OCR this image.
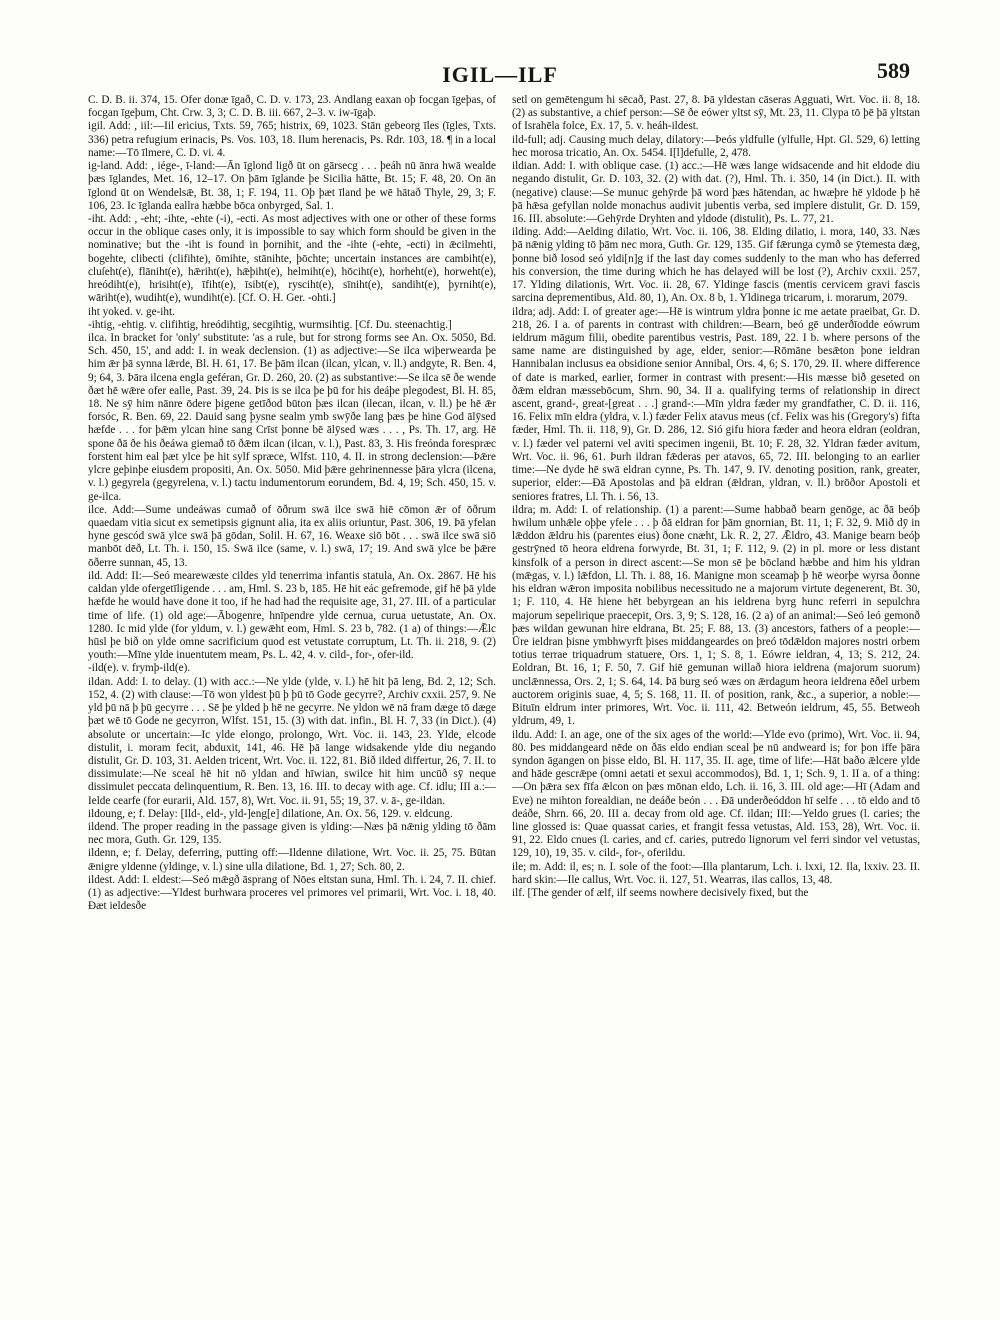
IGIL—ILF	589

C. D. B. ii. 374, 15. Ofer donæ īgað, C. D. v. 173, 23. Andlang eaxan oþ focgan īgeþas, of focgan īgeþum, Cht. Crw. 3, 3; C. D. B. iii. 667, 2–3. v. iw-īgaþ.

igil. Add: , iil:—Iil ericius, Txts. 59, 765; histrix, 69, 1023. Stān gebeorg īles (īgles, Txts. 336) petra refugium erinacis, Ps. Vos. 103, 18. Ilum herenacis, Ps. Rdr. 103, 18. ¶ in a local name:—Tō īlmere, C. D. vi. 4.

ig-land. Add: , iége-, ī-land:—Ān īglond ligð ūt on gārsecg . . . þeáh nū ānra hwā wealde þæs īglandes, Met. 16, 12–17. On þām īglande þe Sicilia hātte, Bt. 15; F. 48, 20. On ān īglond ūt on Wendelsǣ, Bt. 38, 1; F. 194, 11. Oþ þæt īland þe wē hātað Thyle, 29, 3; F. 106, 23. Ic īglanda eallra hæbbe bōca onbyrged, Sal. 1.

-iht. Add: , -eht; -ihte, -ehte (-i), -ecti. As most adjectives with one or other of these forms occur in the oblique cases only, it is impossible to say which form should be given in the nominative; but the -iht is found in þornihit, and the -ihte (-ehte, -ecti) in ǣcilmehti, bogehte, clibecti (clifihte), ōmihte, stānihte, þōchte; uncertain instances are cambiht(e), cluſeht(e), flāniht(e), hǣriht(e), hǣþiht(e), helmiht(e), hōciht(e), horheht(e), horweht(e), hreódiht(e), hrisiht(e), īfiht(e), īsibt(e), rysciht(e), sīniht(e), sandiht(e), þyrniht(e), wāriht(e), wudiht(e), wundiht(e). [Cf. O. H. Ger. -ohti.]

iht yoked. v. ge-iht.

-ihtig, -ehtig. v. clifihtig, hreódihtig, secgihtig, wurmsihtig. [Cf. Du. steenachtig.]

ilca. In bracket for 'only' substitute: 'as a rule, but for strong forms see An. Ox. 5050, Bd. Sch. 450, 15', and add: I. in weak declension. (1) as adjective:—Se ilca wiþerwearda þe him ǣr þā synna lǣrde, Bl. H. 61, 17. Be þām ilcan (ilcan, ylcan, v. ll.) andgyte, R. Ben. 4, 9; 64, 3. Þāra ilcena engla geféran, Gr. D. 260, 20. (2) as substantive:—Se ilca sē ðe wende ðæt hē wǣre ofer ealle, Past. 39, 24. Þis is se ilca þe þū for his deáþe plegodest, Bl. H. 85, 18. Ne sȳ him nānre ōdere þigene getīðod būton þæs ilcan (ilecan, ilcan, v. ll.) þe hē ǣr forsóc, R. Ben. 69, 22. Dauid sang þysne sealm ymb swȳðe lang þæs þe hine God ālȳsed hæfde . . . for þǣm ylcan hine sang Crīst þonne bē ālȳsed wæs . . . , Ps. Th. 17, arg. Hē spone ðā ðe his ðeáwa giemað tō ðǣm ilcan (ilcan, v. l.), Past. 83, 3. His freónda forespræc forstent him eal þæt ylce þe hit sylf spræce, Wlfst. 110, 4. II. in strong declension:—Þǣre ylcre geþinþe eiusdem propositi, An. Ox. 5050. Mid þǣre gehrinennesse þāra ylcra (ilcena, v. l.) gegyrela (gegyrelena, v. l.) tactu indumentorum eorundem, Bd. 4, 19; Sch. 450, 15. v. ge-ilca.

ilce. Add:—Sume undeáwas cumað of ōðrum swā ilce swā hiē cōmon ǣr of ōðrum quaedam vitia sicut ex semetipsis gignunt alia, ita ex aliis oriuntur, Past. 306, 19. Þā yfelan hyne gescód swā ylce swā þā gōdan, Solil. H. 67, 16. Weaxe siō bōt . . . swā ilce swā siō manbōt dēð, Lt. Th. i. 150, 15. Swā ilce (same, v. l.) swā, 17; 19. And swā ylce be þǣre ōðerre sunnan, 45, 13.

ild. Add: II:—Seó mearewæste cildes yld tenerrima infantis statula, An. Ox. 2867. Hē his caldan ylde ofergetīligende . . . am, Hml. S. 23 b, 185. Hē hit eác gefremode, gif hē þā ylde hæfde he would have done it too, if he had had the requisite age, 31, 27. III. of a particular time of life. (1) old age:—Ābogenre, hnīpendre ylde cernua, curua uetustate, An. Ox. 1280. Ic mid ylde (for yldum, v. l.) gewǣht eom, Hml. S. 23 b, 782. (1 a) of things:—Ǣlc hūsl þe bið on ylde omne sacrificium quod est vetustate corruptum, Lt. Th. ii. 218, 9. (2) youth:—Mīne ylde inuentutem meam, Ps. L. 42, 4. v. cild-, for-, ofer-ild.

-ild(e). v. frymþ-ild(e).

ildan. Add: I. to delay. (1) with acc.:—Ne ylde (ylde, v. l.) hē hit þā leng, Bd. 2, 12; Sch. 152, 4. (2) with clause:—Tō won yldest þū þ þū tō Gode gecyrre?, Archiv cxxii. 257, 9. Ne yld þū nā þ þū gecyrre . . . Sē þe ylded þ hē ne gecyrre. Ne yldon wē nā fram dæge tō dæge þæt wē tō Gode ne gecyrron, Wlfst. 151, 15. (3) with dat. infin., Bl. H. 7, 33 (in Dict.). (4) absolute or uncertain:—Ic ylde elongo, prolongo, Wrt. Voc. ii. 143, 23. Ylde, elcode distulit, i. moram fecit, abduxit, 141, 46. Hē þā lange widsakende ylde diu negando distulit, Gr. D. 103, 31. Aelden tricent, Wrt. Voc. ii. 122, 81. Bið ilded differtur, 26, 7. II. to dissimulate:—Ne sceal hē hit nō yldan and hīwian, swilce hit him uncūð sȳ neque dissimulet peccata delinquentium, R. Ben. 13, 16. III. to decay with age. Cf. idlu; III a.:—Ielde cearfe (for eurarii, Ald. 157, 8), Wrt. Voc. ii. 91, 55; 19, 37. v. ā-, ge-ildan.

ildoung, e; f. Delay: [Ild-, eld-, yld-]eng[e] dilatione, An. Ox. 56, 129. v. eldcung.

ildend. The proper reading in the passage given is ylding:—Næs þā nǣnig ylding tō ðām nec mora, Guth. Gr. 129, 135.

ildenn, e; f. Delay, deferring, putting off:—Ildenne dilatione, Wrt. Voc. ii. 25, 75. Būtan ǣnigre yldenne (yldinge, v. l.) sine ulla dilatione, Bd. 1, 27; Sch. 80, 2.

ildest. Add: I. eldest:—Seó mǣgð āsprang of Nōes eltstan suna, Hml. Th. i. 24, 7. II. chief. (1) as adjective:—Yldest burhwara proceres vel primores vel primarii, Wrt. Voc. i. 18, 40. Ðæt ieldesðe

setl on gemētengum hi sēcað, Past. 27, 8. Þā yldestan cāseras Agguati, Wrt. Voc. ii. 8, 18. (2) as substantive, a chief person:—Sē ðe eówer yltst sȳ, Mt. 23, 11. Clypa tō þē þā yltstan of Israhēla folce, Ex. 17, 5. v. heáh-ildest.

ild-full; adj. Causing much delay, dilatory:—Þeós yldfulle (ylfulle, Hpt. Gl. 529, 6) letting hec morosa tricatio, An. Ox. 5454. I[l]defulle, 2, 478.

ildian. Add: I. with oblique case. (1) acc.:—Hē wæs lange widsacende and hit eldode diu negando distulit, Gr. D. 103, 32. (2) with dat. (?), Hml. Th. i. 350, 14 (in Dict.). II. with (negative) clause:—Se munuc gehȳrde þā word þæs hātendan, ac hwæþre hē yldode þ hē þā hǣsa gefyllan nolde monachus audivit jubentis verba, sed implere distulit, Gr. D. 159, 16. III. absolute:—Gehȳrde Dryhten and yldode (distulit), Ps. L. 77, 21.

ilding. Add:—Aelding dilatio, Wrt. Voc. ii. 106, 38. Elding dilatio, i. mora, 140, 33. Næs þā nǣnig ylding tō þām nec mora, Guth. Gr. 129, 135. Gif fǣrunga cymð se ȳtemesta dæg, þonne bið losod seó yldi[n]g if the last day comes suddenly to the man who has deferred his conversion, the time during which he has delayed will be lost (?), Archiv cxxii. 257, 17. Ylding dilationis, Wrt. Voc. ii. 28, 67. Yldinge fascis (mentis cervicem gravi fascis sarcina deprementibus, Ald. 80, 1), An. Ox. 8 b, 1. Yldinega tricarum, i. morarum, 2079.

ildra; adj. Add: I. of greater age:—Hē is wintrum yldra þonne ic me aetate praeibat, Gr. D. 218, 26. I a. of parents in contrast with children:—Bearn, beó gē underðīodde eówrum ieldrum māgum filii, obedite parentibus vestris, Past. 189, 22. I b. where persons of the same name are distinguished by age, elder, senior:—Rōmāne besǣton þone ieldran Hannibalan inclusus ea obsidione senior Annibal, Ors. 4, 6; S. 170, 29. II. where difference of date is marked, earlier, former in contrast with present:—His mæsse bið geseted on ðǣm eldran mæssebōcum, Shrn. 90, 34. II a. qualifying terms of relationship in direct ascent, grand-, great-[great . . .] grand-:—Mīn yldra fæder my grandfather, C. D. ii. 116, 16. Felix mīn eldra (yldra, v. l.) fæder Felix atavus meus (cf. Felix was his (Gregory's) fifta fæder, Hml. Th. ii. 118, 9), Gr. D. 286, 12. Sió gifu hiora fæder and heora eldran (eoldran, v. l.) fæder vel paterni vel aviti specimen ingenii, Bt. 10; F. 28, 32. Yldran fæder avitum, Wrt. Voc. ii. 96, 61. Þurh ildran fǣderas per atavos, 65, 72. III. belonging to an earlier time:—Ne dyde hē swā eldran cynne, Ps. Th. 147, 9. IV. denoting position, rank, greater, superior, elder:—Ðā Apostolas and þā eldran (ǣldran, yldran, v. ll.) brōðor Apostoli et seniores fratres, Ll. Th. i. 56, 13.

ildra; m. Add: I. of relationship. (1) a parent:—Sume habbað bearn genōge, ac ðā beóþ hwilum unhǣle oþþe yfele . . . þ ðā eldran for þām gnornian, Bt. 11, 1; F. 32, 9. Mið dȳ in lǣddon ǣldru his (parentes eius) ðone cnæht, Lk. R. 2, 27. Ǣldro, 43. Manige bearn beóþ gestrȳned tō heora eldrena forwyrde, Bt. 31, 1; F. 112, 9. (2) in pl. more or less distant kinsfolk of a person in direct ascent:—Se mon sē þe bōcland hæbbe and him his yldran (mǣgas, v. l.) lǣfdon, Ll. Th. i. 88, 16. Manigne mon sceamaþ þ hē weorþe wyrsa ðonne his eldran wǣron imposita nobilibus necessitudo ne a majorum virtute degenerent, Bt. 30, 1; F. 110, 4. Hē hiene hēt bebyrgean an his ieldrena byrg hunc referri in sepulchra majorum sepelirique praecepit, Ors. 3, 9; S. 128, 16. (2 a) of an animal:—Seó leó gemonð þæs wildan gewunan hire eldrana, Bt. 25; F. 88, 13. (3) ancestors, fathers of a people:—Ūre ieldran þisne ymbhwyrft þises middangeardes on þreó tōdǣldon majores nostri orbem totius terrae triquadrum statuere, Ors. 1, 1; S. 8, 1. Eówre ieldran, 4, 13; S. 212, 24. Eoldran, Bt. 16, 1; F. 50, 7. Gif hiē gemunan willað hiora ieldrena (majorum suorum) unclǣnnessa, Ors. 2, 1; S. 64, 14. Þā burg seó wæs on ǣrdagum heora ieldrena ēðel urbem auctorem originis suae, 4, 5; S. 168, 11. II. of position, rank, &c., a superior, a noble:—Bituīn eldrum inter primores, Wrt. Voc. ii. 111, 42. Betweón ieldrum, 45, 55. Betweoh yldrum, 49, 1.

ildu. Add: I. an age, one of the six ages of the world:—Ylde evo (primo), Wrt. Voc. ii. 94, 80. Þes middangeard nēde on ðās eldo endian sceal þe nū andweard is; for þon iffe þāra syndon āgangen on þisse eldo, Bl. H. 117, 35. II. age, time of life:—Hāt baðo ǣlcere ylde and hāde gescrǣpe (omni aetati et sexui accommodos), Bd. 1, 1; Sch. 9, 1. II a. of a thing:—On þǣra sex fīfa ǣlcon on þæs mōnan eldo, Lch. ii. 16, 3. III. old age:—Hī (Adam and Eve) ne mihton forealdian, ne deáðe beón . . . Ðā underðeóddon hī selfe . . . tō eldo and tō deáðe, Shrn. 66, 20. III a. decay from old age. Cf. ildan; III:—Yeldo grues (l. caries; the line glossed is: Quae quassat caries, et frangit fessa vetustas, Ald. 153, 28), Wrt. Voc. ii. 91, 22. Eldo cnues (l. caries, and cf. caries, putredo lignorum vel ferri sindor vel vetustas, 129, 10), 19, 35. v. cild-, for-, oferildu.

ile; m. Add: il, es; n. I. sole of the foot:—Illa plantarum, Lch. i. lxxi, 12. Ila, lxxiv. 23. II. hard skin:—Ile callus, Wrt. Voc. ii. 127, 51. Wearras, ilas callos, 13, 48.

ilf. [The gender of ælf, ilf seems nowhere decisively fixed, but the
